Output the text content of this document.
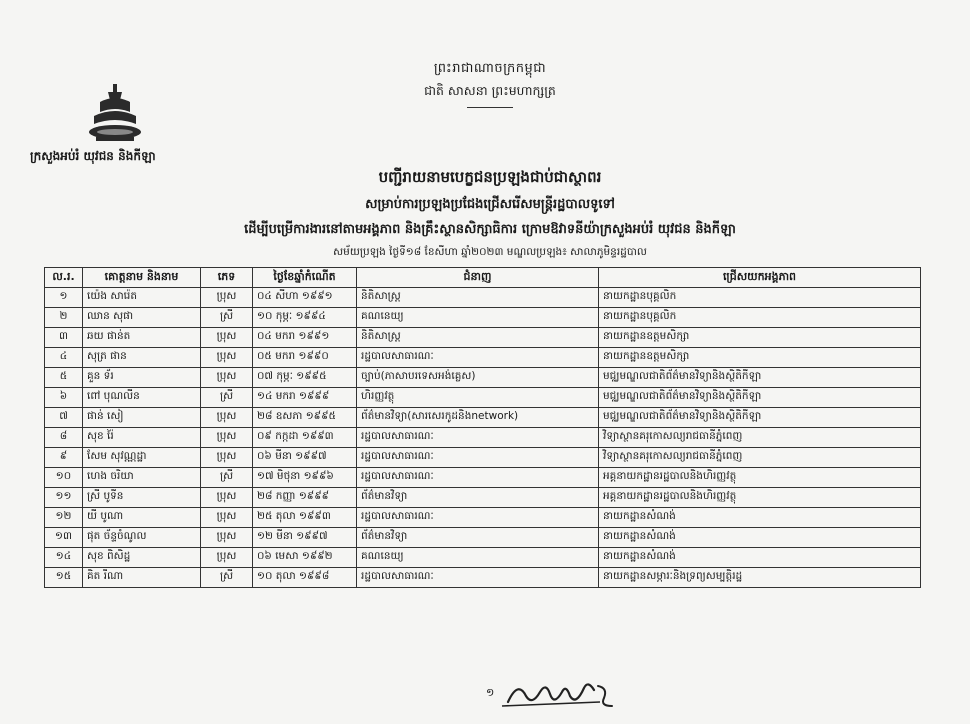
ព្រះរាជាណាចក្រកម្ពុជា
ជាតិ សាសនា ព្រះមហាក្សត្រ
ក្រសួងអប់រំ យុវជន និងកីឡា
បញ្ជីរាយនាមបេក្ខជនប្រឡងជាប់ជាស្ថាពរ
សម្រាប់ការប្រឡងប្រជែងជ្រើសរើសមន្ត្រីរដ្ឋបាលទូទៅ
ដើម្បីបម្រើការងារនៅតាមអង្គភាព និងគ្រឹះស្ថានសិក្សាធិការ ក្រោមឱវាទនីយ៉ាក្រសួងអប់រំ យុវជន និងកីឡា
សម័យប្រឡង ថ្ងៃទី១៨ ខែសីហា ឆ្នាំ២០២៣ មណ្ឌលប្រឡង៖ សាលាភូមិន្ទរដ្ឋបាល
ល.រ.	គោត្តនាម និងនាម	ភេទ	ថ្ងៃខែឆ្នាំកំណើត	ជំនាញ	ជ្រើសយកអង្គភាព
១	យ៉េង សារ៉េត	ប្រុស	០៤ សីហា ១៩៩១	និតិសាស្ត្រ	នាយកដ្ឋានបុគ្គលិក
២	ឈាន សុផា	ស្រី	១០ កុម្ភៈ ១៩៩៤	គណនេយ្យ	នាយកដ្ឋានបុគ្គលិក
៣	ឆយ ផាន់ត	ប្រុស	០៤ មករា ១៩៩១	និតិសាស្ត្រ	នាយកដ្ឋានឧត្តមសិក្សា
៤	សុត្រ ផាន	ប្រុស	០៥ មករា ១៩៩០	រដ្ឋបាលសាធារណៈ	នាយកដ្ឋានឧត្តមសិក្សា
៥	គួន ទ័រ	ប្រុស	០៧ កុម្ភៈ ១៩៩៥	ច្បាប់(ភាសាបរទេសអង់គ្លេស)	មជ្ឈមណ្ឌលជាតិព័ត៌មានវិទ្យានិងស្ថិតិកីឡា
៦	ពៅ បុណលីន	ស្រី	១៤ មករា ១៩៩៩	ហិរញ្ញវត្ថុ	មជ្ឈមណ្ឌលជាតិព័ត៌មានវិទ្យានិងស្ថិតិកីឡា
៧	ផាន់ សៀ	ប្រុស	២៨ ឧសភា ១៩៩៥	ព័ត៌មានវិទ្យា(សារសេរកូដនិងnetwork)	មជ្ឈមណ្ឌលជាតិព័ត៌មានវិទ្យានិងស្ថិតិកីឡា
៨	សុខ រ៉ៃ	ប្រុស	០៩ កក្កដា ១៩៩៣	រដ្ឋបាលសាធារណៈ	វិទ្យាស្ថានគរុកោសល្យរាជធានីភ្នំពេញ
៩	សែម សុវណ្ណដ្ឋា	ប្រុស	០៦ មីនា ១៩៩៧	រដ្ឋបាលសាធារណៈ	វិទ្យាស្ថានគរុកោសល្យរាជធានីភ្នំពេញ
១០	ហេង ចរិយា	ស្រី	១៧ មិថុនា ១៩៩៦	រដ្ឋបាលសាធារណៈ	អគ្គនាយកដ្ឋានរដ្ឋបាលនិងហិរញ្ញវត្ថុ
១១	ស្រី បូទីន	ប្រុស	២៨ កញ្ញា ១៩៩៩	ព័ត៌មានវិទ្យា	អគ្គនាយកដ្ឋានរដ្ឋបាលនិងហិរញ្ញវត្ថុ
១២	យី បូណា	ប្រុស	២៥ តុលា ១៩៩៣	រដ្ឋបាលសាធារណៈ	នាយកដ្ឋានសំណង់
១៣	ផុត ច័ន្ទចំណូល	ប្រុស	១២ មីនា ១៩៩៧	ព័ត៌មានវិទ្យា	នាយកដ្ឋានសំណង់
១៤	សុខ ពិសិដ្ឋ	ប្រុស	០៦ មេសា ១៩៩២	គណនេយ្យ	នាយកដ្ឋានសំណង់
១៥	គិត រីណា	ស្រី	១០ តុលា ១៩៩៨	រដ្ឋបាលសាធារណៈ	នាយកដ្ឋានសម្ភារៈនិងទ្រព្យសម្បត្តិរដ្ឋ
១
